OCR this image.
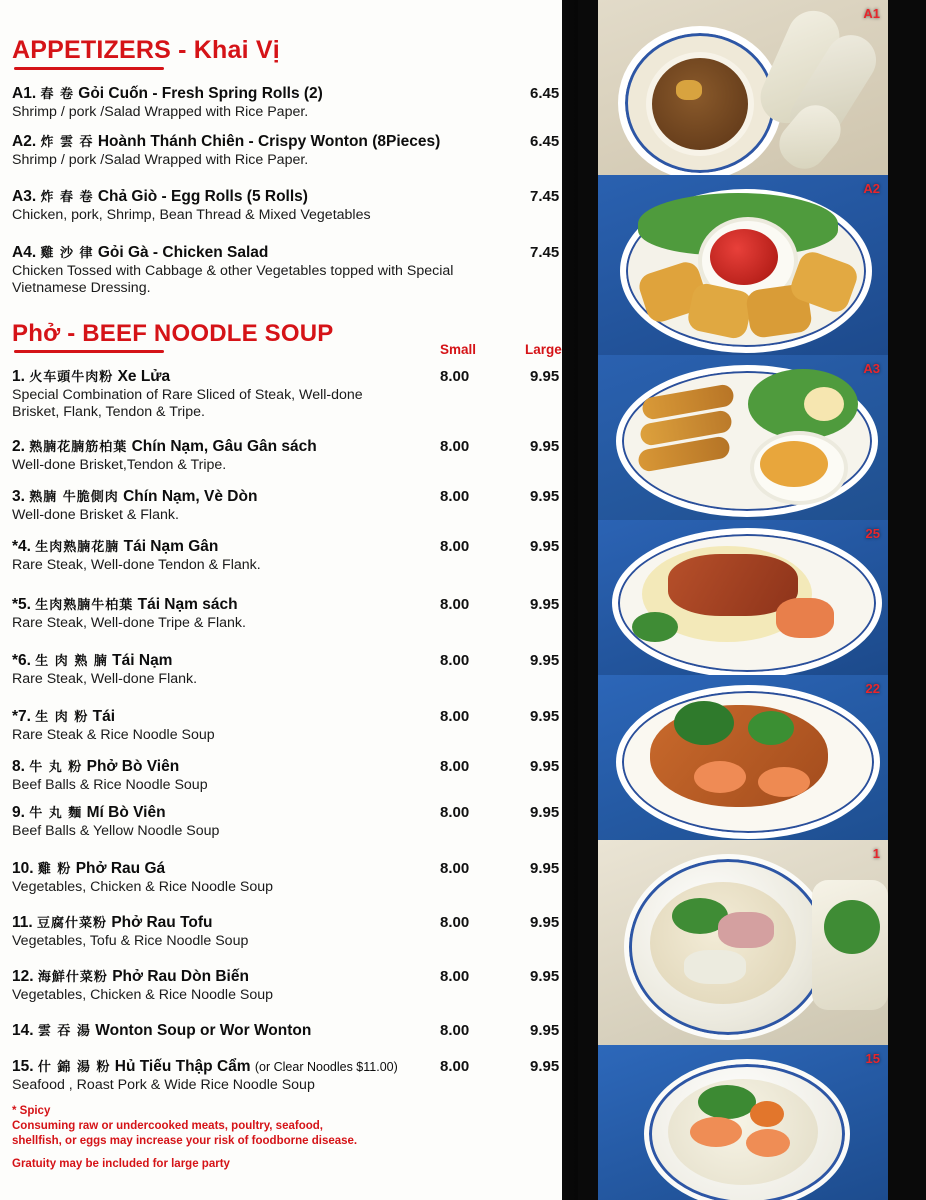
APPETIZERS - Khai Vị
A1. 春 卷 Gỏi Cuốn - Fresh Spring Rolls (2)
Shrimp / pork /Salad Wrapped with Rice Paper.
6.45
A2. 炸 雲 吞 Hoành Thánh Chiên - Crispy Wonton (8Pieces)
Shrimp / pork /Salad Wrapped with Rice Paper.
6.45
A3. 炸 春 卷 Chả Giò - Egg Rolls (5 Rolls)
Chicken, pork, Shrimp, Bean Thread & Mixed Vegetables
7.45
A4. 雞 沙 律 Gỏi Gà - Chicken Salad
Chicken Tossed with Cabbage & other Vegetables topped with Special Vietnamese Dressing.
7.45
Phở - BEEF NOODLE SOUP
Small	Large
1. 火车頭牛肉粉 Xe Lửa
Special Combination of Rare Sliced of Steak, Well-done Brisket, Flank, Tendon & Tripe.
8.00	9.95
2. 熟腩花腩筋柏葉 Chín Nạm, Gâu Gân sách
Well-done Brisket,Tendon & Tripe.
8.00	9.95
3. 熟腩 牛脆側肉 Chín Nạm, Vè Dòn
Well-done Brisket & Flank.
8.00	9.95
*4. 生肉熟腩花腩 Tái Nạm Gân
Rare Steak, Well-done Tendon & Flank.
8.00	9.95
*5. 生肉熟腩牛柏葉 Tái Nạm sách
Rare Steak, Well-done Tripe & Flank.
8.00	9.95
*6. 生 肉 熟 腩 Tái Nạm
Rare Steak, Well-done Flank.
8.00	9.95
*7. 生 肉 粉 Tái
Rare Steak & Rice Noodle Soup
8.00	9.95
8. 牛 丸 粉 Phở Bò Viên
Beef Balls & Rice Noodle Soup
8.00	9.95
9. 牛 丸 麵 Mí Bò Viên
Beef Balls & Yellow Noodle Soup
8.00	9.95
10. 雞 粉 Phở Rau Gá
Vegetables, Chicken & Rice Noodle Soup
8.00	9.95
11. 豆腐什菜粉 Phở Rau Tofu
Vegetables, Tofu & Rice Noodle Soup
8.00	9.95
12. 海鮮什菜粉 Phở Rau Dòn Biến
Vegetables, Chicken & Rice Noodle Soup
8.00	9.95
14. 雲 吞 湯 Wonton Soup or Wor Wonton	8.00	9.95
15. 什 錦 湯 粉 Hủ Tiếu Thập Cẩm (or Clear Noodles $11.00)
Seafood , Roast Pork & Wide Rice Noodle Soup
8.00	9.95
* Spicy
Consuming raw or undercooked meats, poultry, seafood,
shellfish, or eggs may increase your risk of foodborne disease.
Gratuity may be included for large party
A1
A2
A3
25
22
1
15
